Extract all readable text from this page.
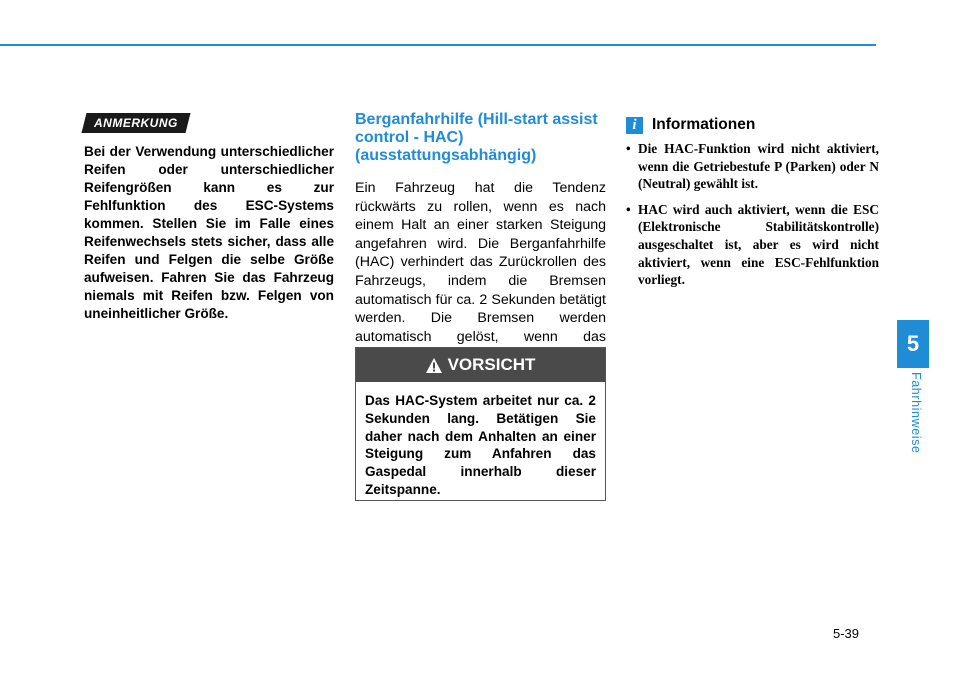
ANMERKUNG
Bei der Verwendung unterschiedlicher Reifen oder unterschiedlicher Reifengrößen kann es zur Fehlfunktion des ESC-Systems kommen. Stellen Sie im Falle eines Reifenwechsels stets sicher, dass alle Reifen und Felgen die selbe Größe aufweisen. Fahren Sie das Fahrzeug niemals mit Reifen bzw. Felgen von uneinheitlicher Größe.
Berganfahrhilfe (Hill-start assist control - HAC) (ausstattungsabhängig)
Ein Fahrzeug hat die Tendenz rückwärts zu rollen, wenn es nach einem Halt an einer starken Steigung angefahren wird. Die Berganfahrhilfe (HAC) verhindert das Zurückrollen des Fahrzeugs, indem die Bremsen automatisch für ca. 2 Sekunden betätigt werden. Die Bremsen werden automatisch gelöst, wenn das
VORSICHT
Das HAC-System arbeitet nur ca. 2 Sekunden lang. Betätigen Sie daher nach dem Anhalten an einer Steigung zum Anfahren das Gaspedal innerhalb dieser Zeitspanne.
i Informationen
• Die HAC-Funktion wird nicht aktiviert, wenn die Getriebestufe P (Parken) oder N (Neutral) gewählt ist.
• HAC wird auch aktiviert, wenn die ESC (Elektronische Stabilitätskontrolle) ausgeschaltet ist, aber es wird nicht aktiviert, wenn eine ESC-Fehlfunktion vorliegt.
5
Fahrhinweise
5-39
